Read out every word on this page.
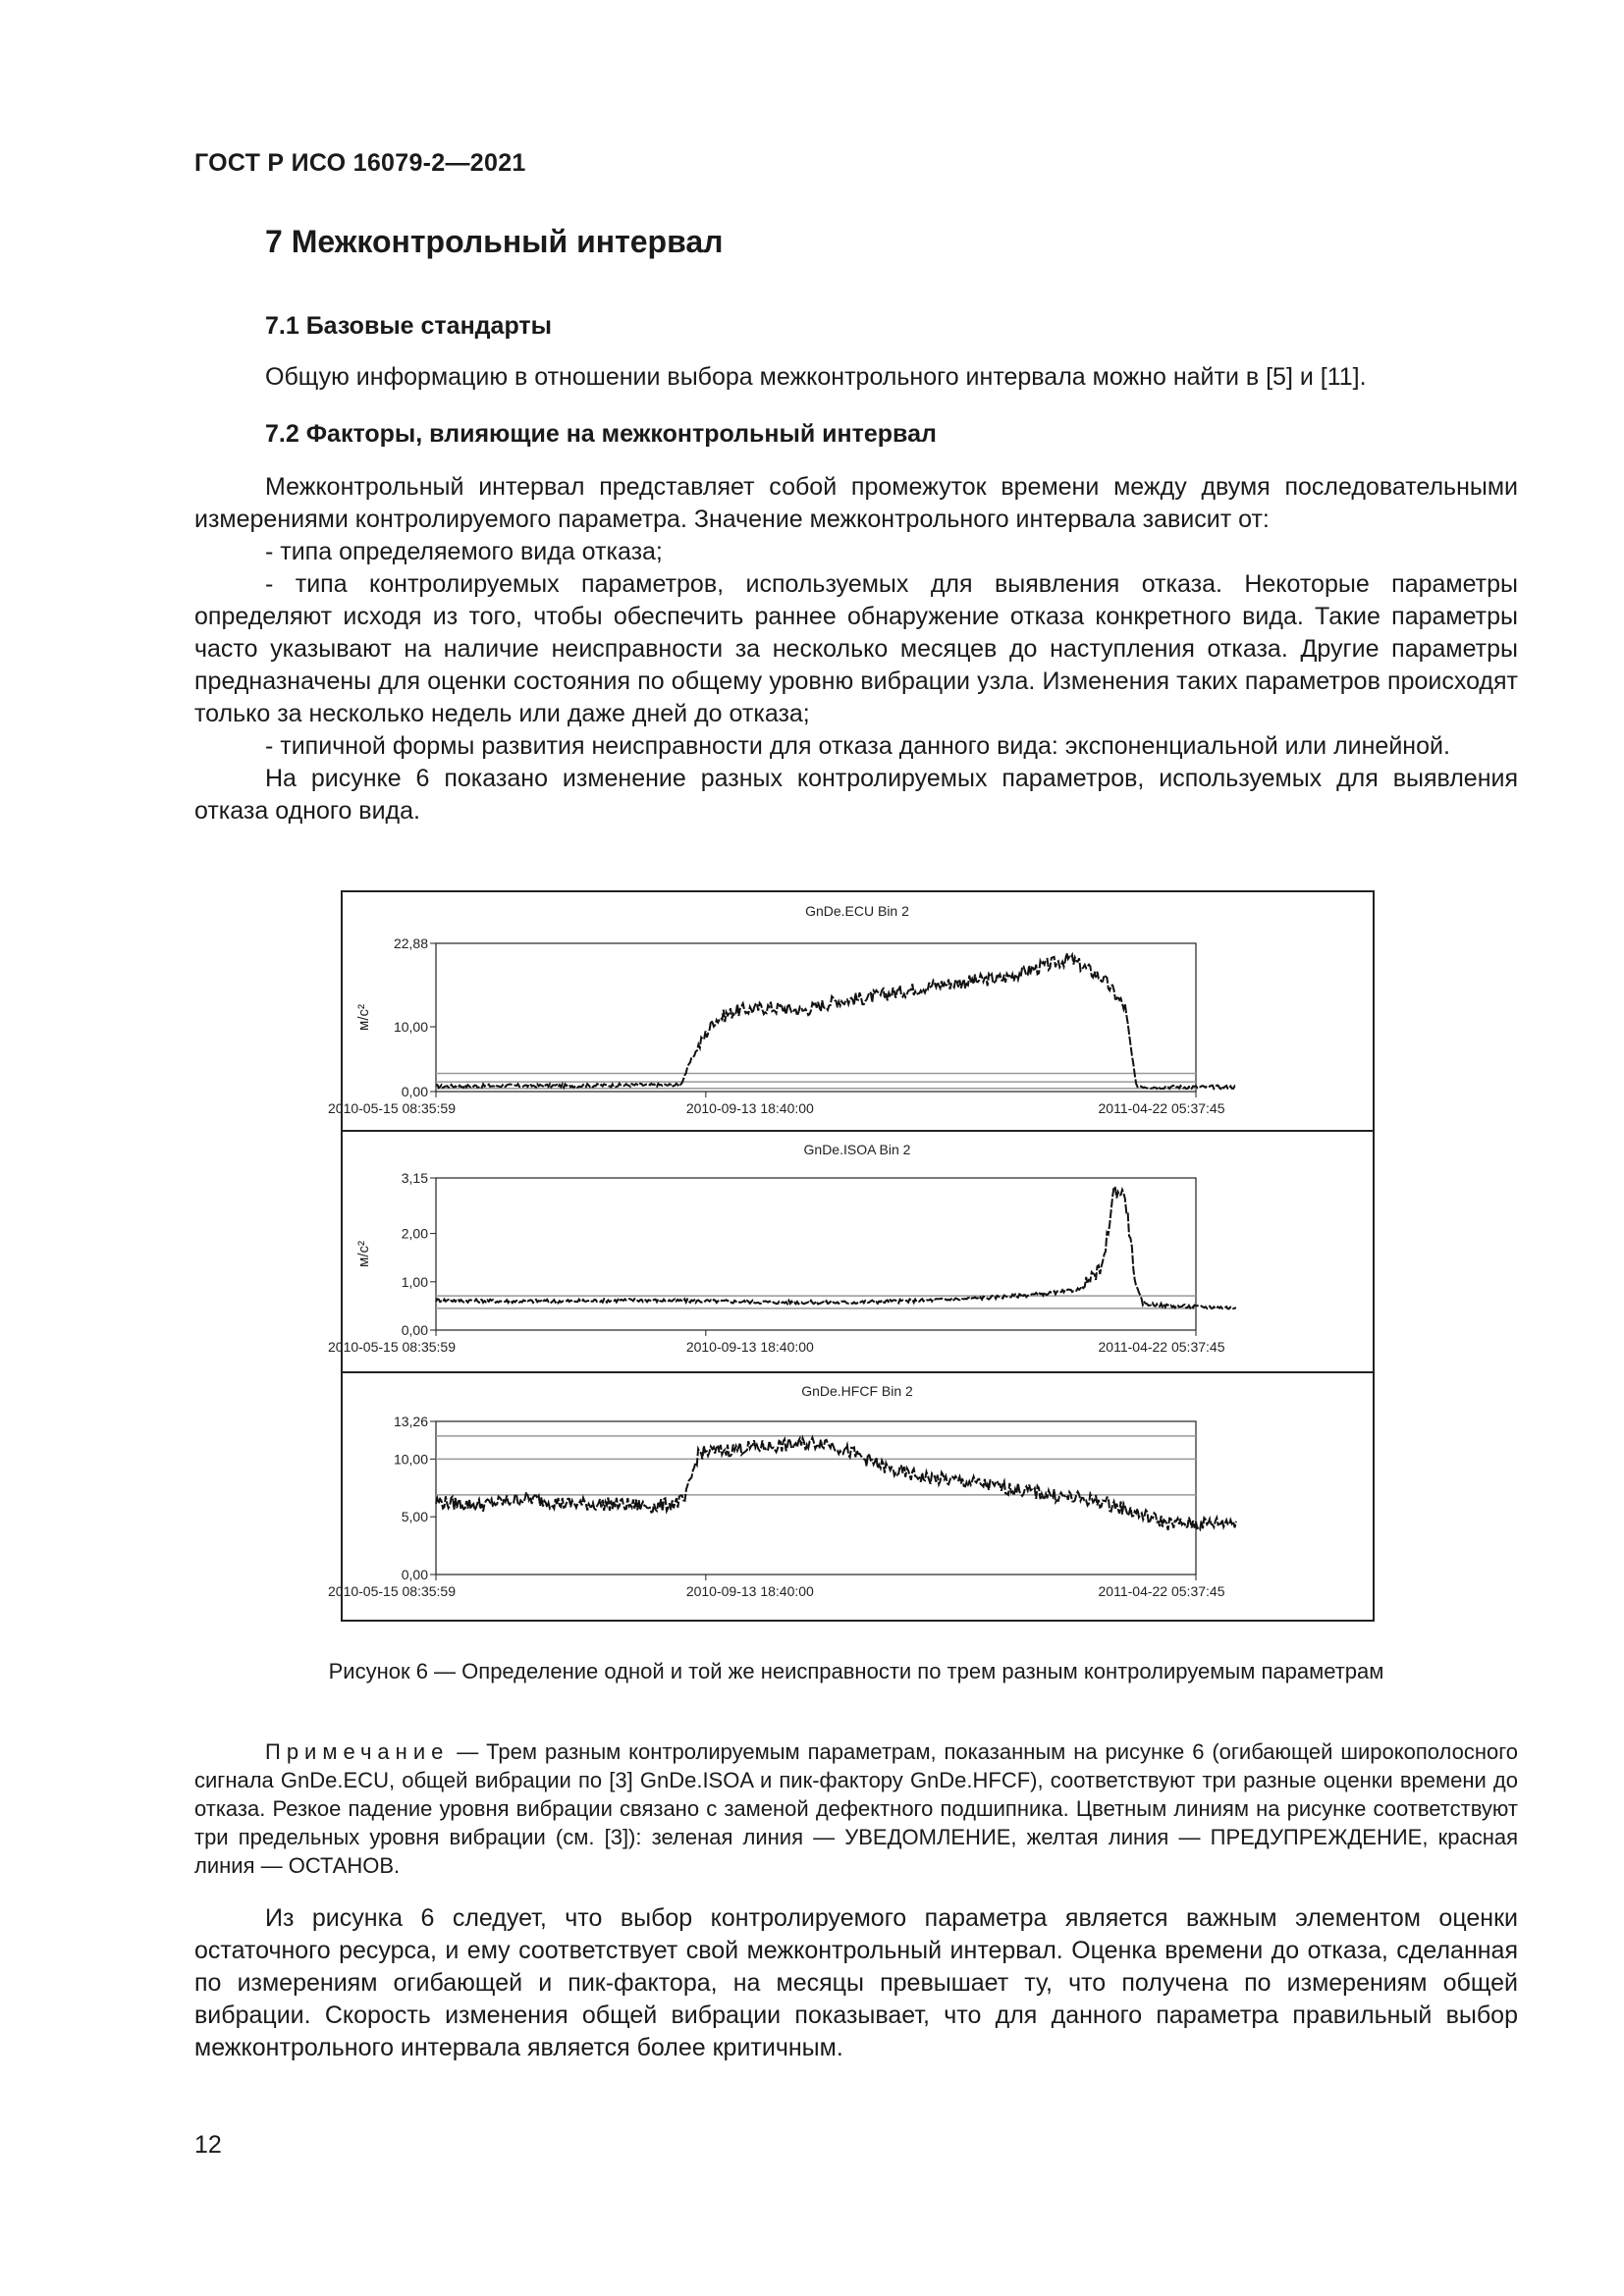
ГОСТ Р ИСО 16079-2—2021
7 Межконтрольный интервал
7.1 Базовые стандарты

Общую информацию в отношении выбора межконтрольного интервала можно найти в [5] и [11].

7.2 Факторы, влияющие на межконтрольный интервал

Межконтрольный интервал представляет собой промежуток времени между двумя последовательными измерениями контролируемого параметра. Значение межконтрольного интервала зависит от:

- типа определяемого вида отказа;

- типа контролируемых параметров, используемых для выявления отказа. Некоторые параметры определяют исходя из того, чтобы обеспечить раннее обнаружение отказа конкретного вида. Такие параметры часто указывают на наличие неисправности за несколько месяцев до наступления отказа. Другие параметры предназначены для оценки состояния по общему уровню вибрации узла. Изменения таких параметров происходят только за несколько недель или даже дней до отказа;

- типичной формы развития неисправности для отказа данного вида: экспоненциальной или линейной.

На рисунке 6 показано изменение разных контролируемых параметров, используемых для выявления отказа одного вида.

GnDe.ECU Bin 2
22,88
10,00
0,00
м/с²
2010-05-15 08:35:59	2010-09-13 18:40:00	2011-04-22 05:37:45
GnDe.ISOA Bin 2
3,15
2,00
1,00
0,00
м/с²
2010-05-15 08:35:59	2010-09-13 18:40:00	2011-04-22 05:37:45
GnDe.HFCF Bin 2
13,26
10,00
5,00
0,00
2010-05-15 08:35:59	2010-09-13 18:40:00	2011-04-22 05:37:45
Рисунок 6 — Определение одной и той же неисправности по трем разным контролируемым параметрам

Примечание — Трем разным контролируемым параметрам, показанным на рисунке 6 (огибающей широкополосного сигнала GnDe.ECU, общей вибрации по [3] GnDe.ISOA и пик-фактору GnDe.HFCF), соответствуют три разные оценки времени до отказа. Резкое падение уровня вибрации связано с заменой дефектного подшипника. Цветным линиям на рисунке соответствуют три предельных уровня вибрации (см. [3]): зеленая линия — УВЕДОМЛЕНИЕ, желтая линия — ПРЕДУПРЕЖДЕНИЕ, красная линия — ОСТАНОВ.

Из рисунка 6 следует, что выбор контролируемого параметра является важным элементом оценки остаточного ресурса, и ему соответствует свой межконтрольный интервал. Оценка времени до отказа, сделанная по измерениям огибающей и пик-фактора, на месяцы превышает ту, что получена по измерениям общей вибрации. Скорость изменения общей вибрации показывает, что для данного параметра правильный выбор межконтрольного интервала является более критичным.

12
